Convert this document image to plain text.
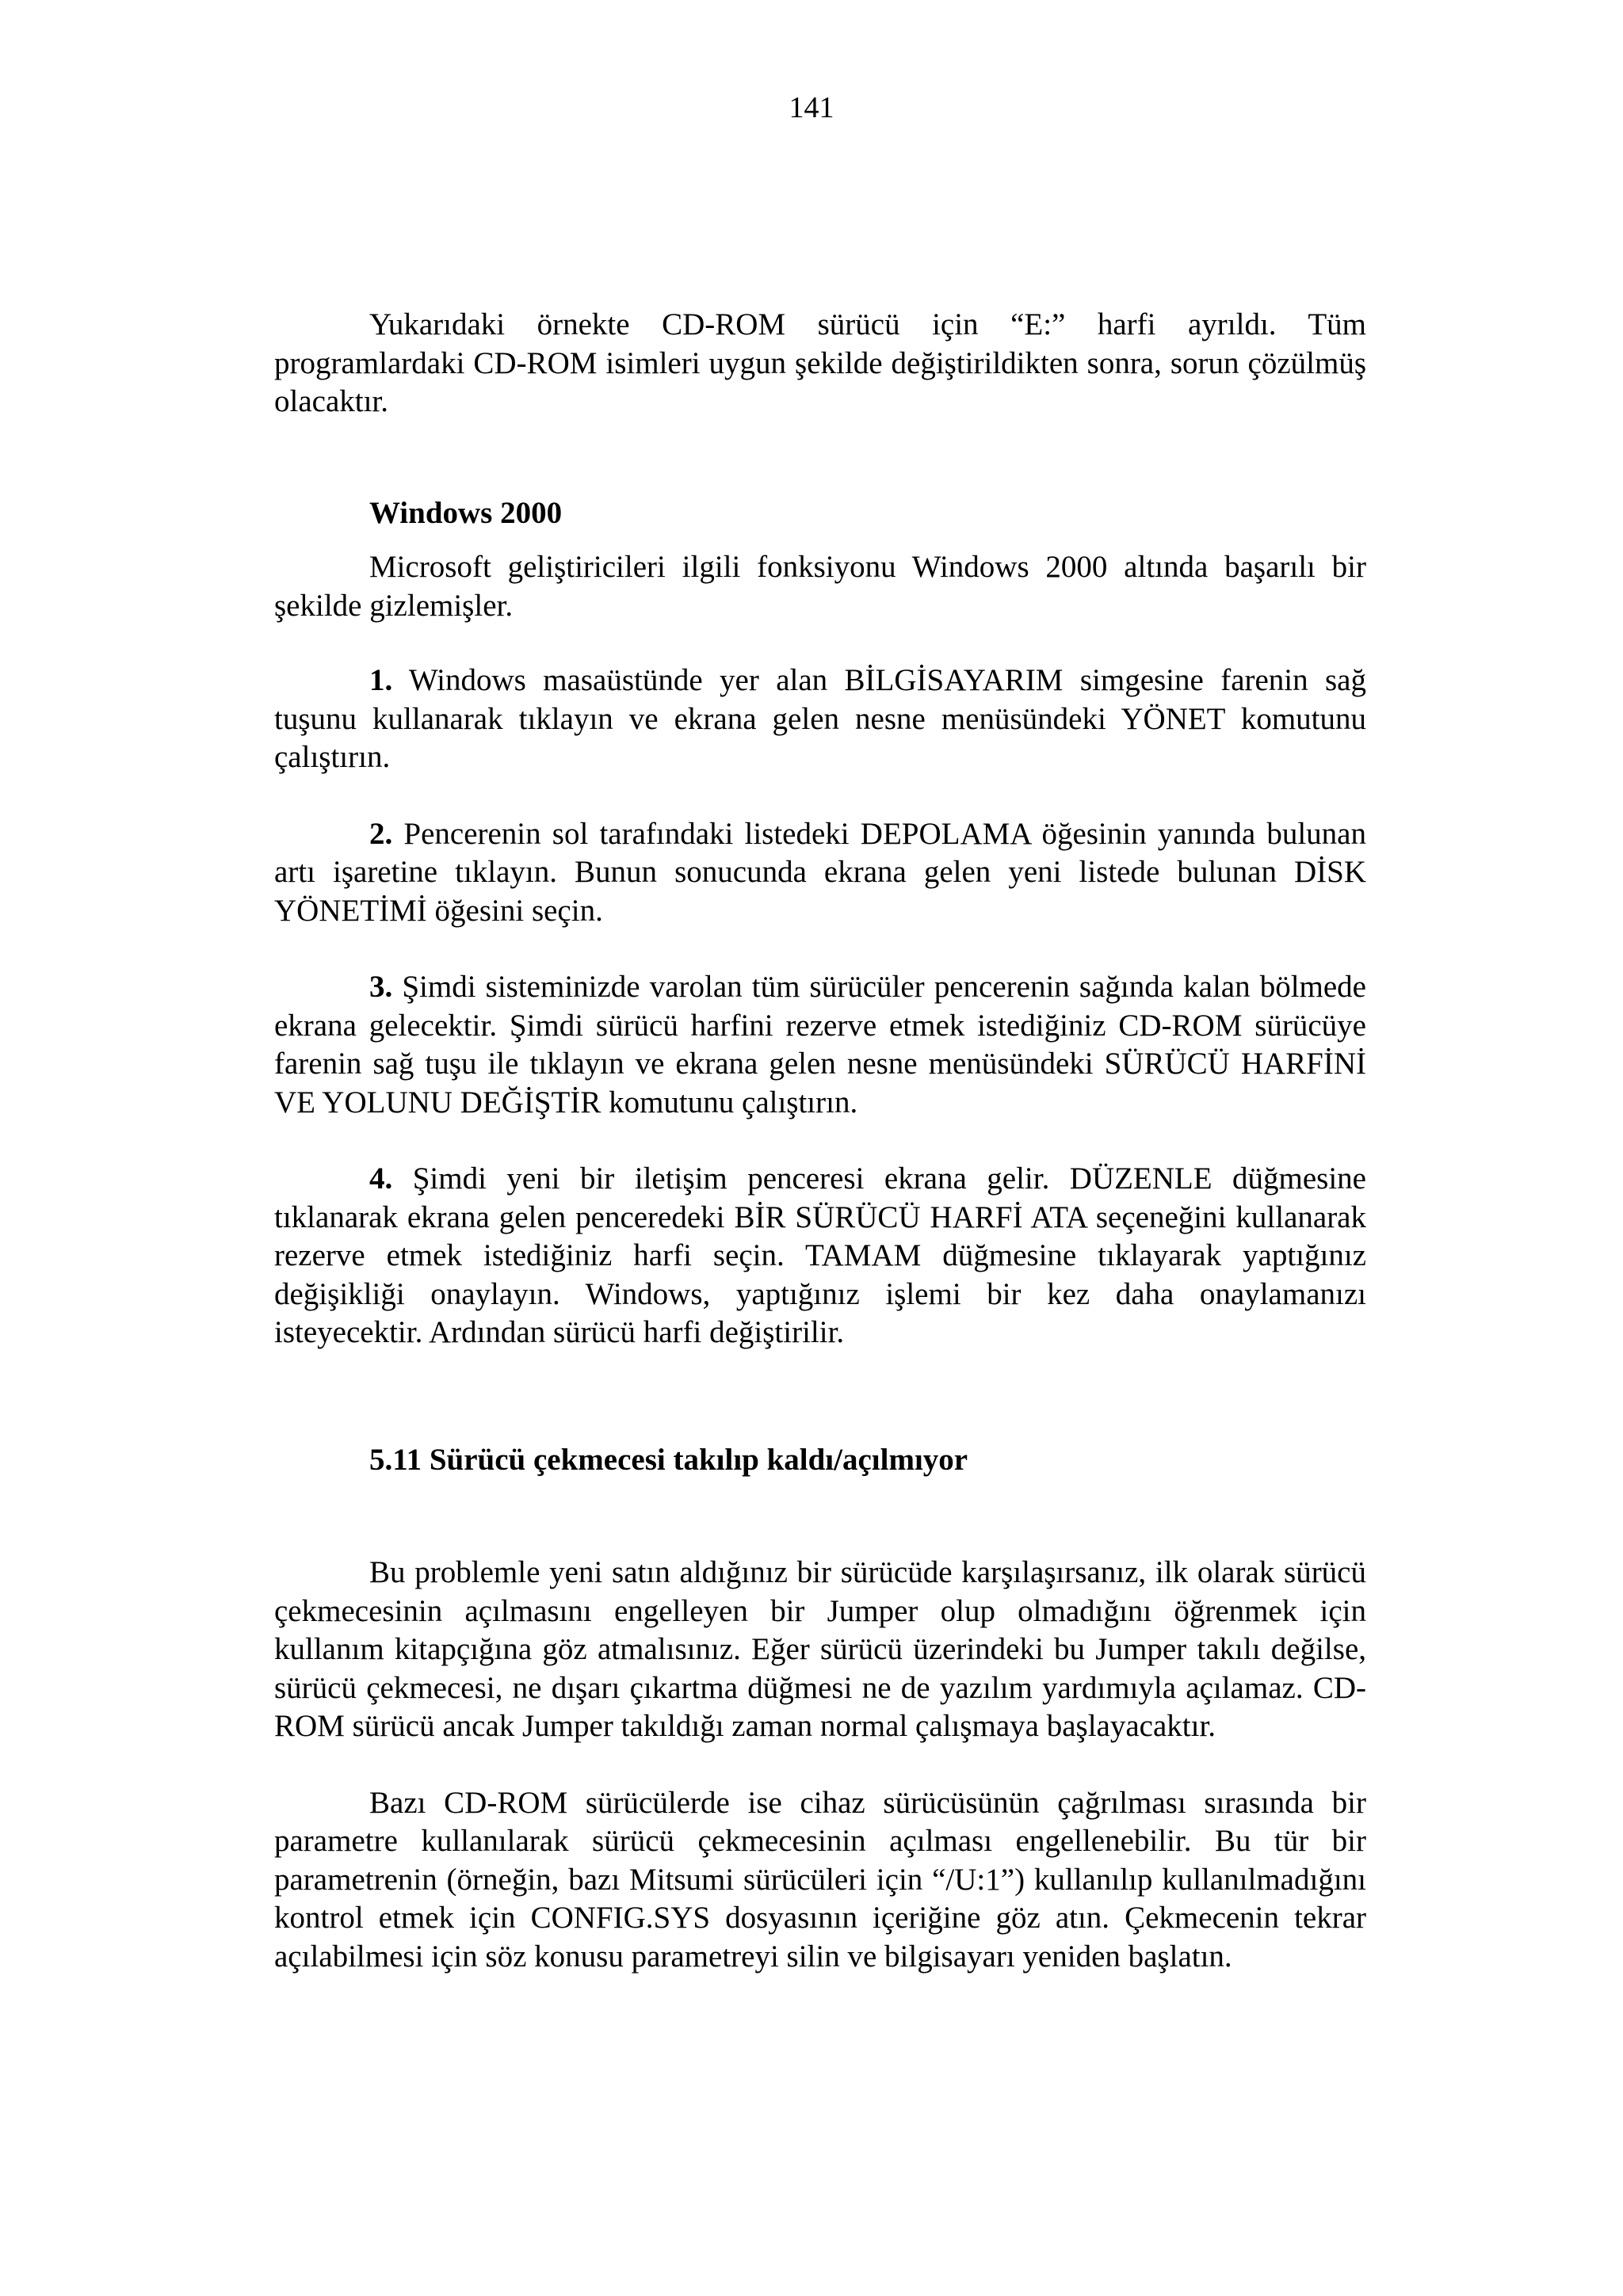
141

Yukarıdaki örnekte CD-ROM sürücü için “E:” harfi ayrıldı. Tüm programlardaki CD-ROM isimleri uygun şekilde değiştirildikten sonra, sorun çözülmüş olacaktır.

Windows 2000

Microsoft geliştiricileri ilgili fonksiyonu Windows 2000 altında başarılı bir şekilde gizlemişler.

1. Windows masaüstünde yer alan BİLGİSAYARIM simgesine farenin sağ tuşunu kullanarak tıklayın ve ekrana gelen nesne menüsündeki YÖNET komutunu çalıştırın.

2. Pencerenin sol tarafındaki listedeki DEPOLAMA öğesinin yanında bulunan artı işaretine tıklayın. Bunun sonucunda ekrana gelen yeni listede bulunan DİSK YÖNETİMİ öğesini seçin.

3. Şimdi sisteminizde varolan tüm sürücüler pencerenin sağında kalan bölmede ekrana gelecektir. Şimdi sürücü harfini rezerve etmek istediğiniz CD-ROM sürücüye farenin sağ tuşu ile tıklayın ve ekrana gelen nesne menüsündeki SÜRÜCÜ HARFİNİ VE YOLUNU DEĞİŞTİR komutunu çalıştırın.

4. Şimdi yeni bir iletişim penceresi ekrana gelir. DÜZENLE düğmesine tıklanarak ekrana gelen penceredeki BİR SÜRÜCÜ HARFİ ATA seçeneğini kullanarak rezerve etmek istediğiniz harfi seçin. TAMAM düğmesine tıklayarak yaptığınız değişikliği onaylayın. Windows, yaptığınız işlemi bir kez daha onaylamanızı isteyecektir. Ardından sürücü harfi değiştirilir.

5.11 Sürücü çekmecesi takılıp kaldı/açılmıyor

Bu problemle yeni satın aldığınız bir sürücüde karşılaşırsanız, ilk olarak sürücü çekmecesinin açılmasını engelleyen bir Jumper olup olmadığını öğrenmek için kullanım kitapçığına göz atmalısınız. Eğer sürücü üzerindeki bu Jumper takılı değilse, sürücü çekmecesi, ne dışarı çıkartma düğmesi ne de yazılım yardımıyla açılamaz. CD-ROM sürücü ancak Jumper takıldığı zaman normal çalışmaya başlayacaktır.

Bazı CD-ROM sürücülerde ise cihaz sürücüsünün çağrılması sırasında bir parametre kullanılarak sürücü çekmecesinin açılması engellenebilir. Bu tür bir parametrenin (örneğin, bazı Mitsumi sürücüleri için “/U:1”) kullanılıp kullanılmadığını kontrol etmek için CONFIG.SYS dosyasının içeriğine göz atın. Çekmecenin tekrar açılabilmesi için söz konusu parametreyi silin ve bilgisayarı yeniden başlatın.
